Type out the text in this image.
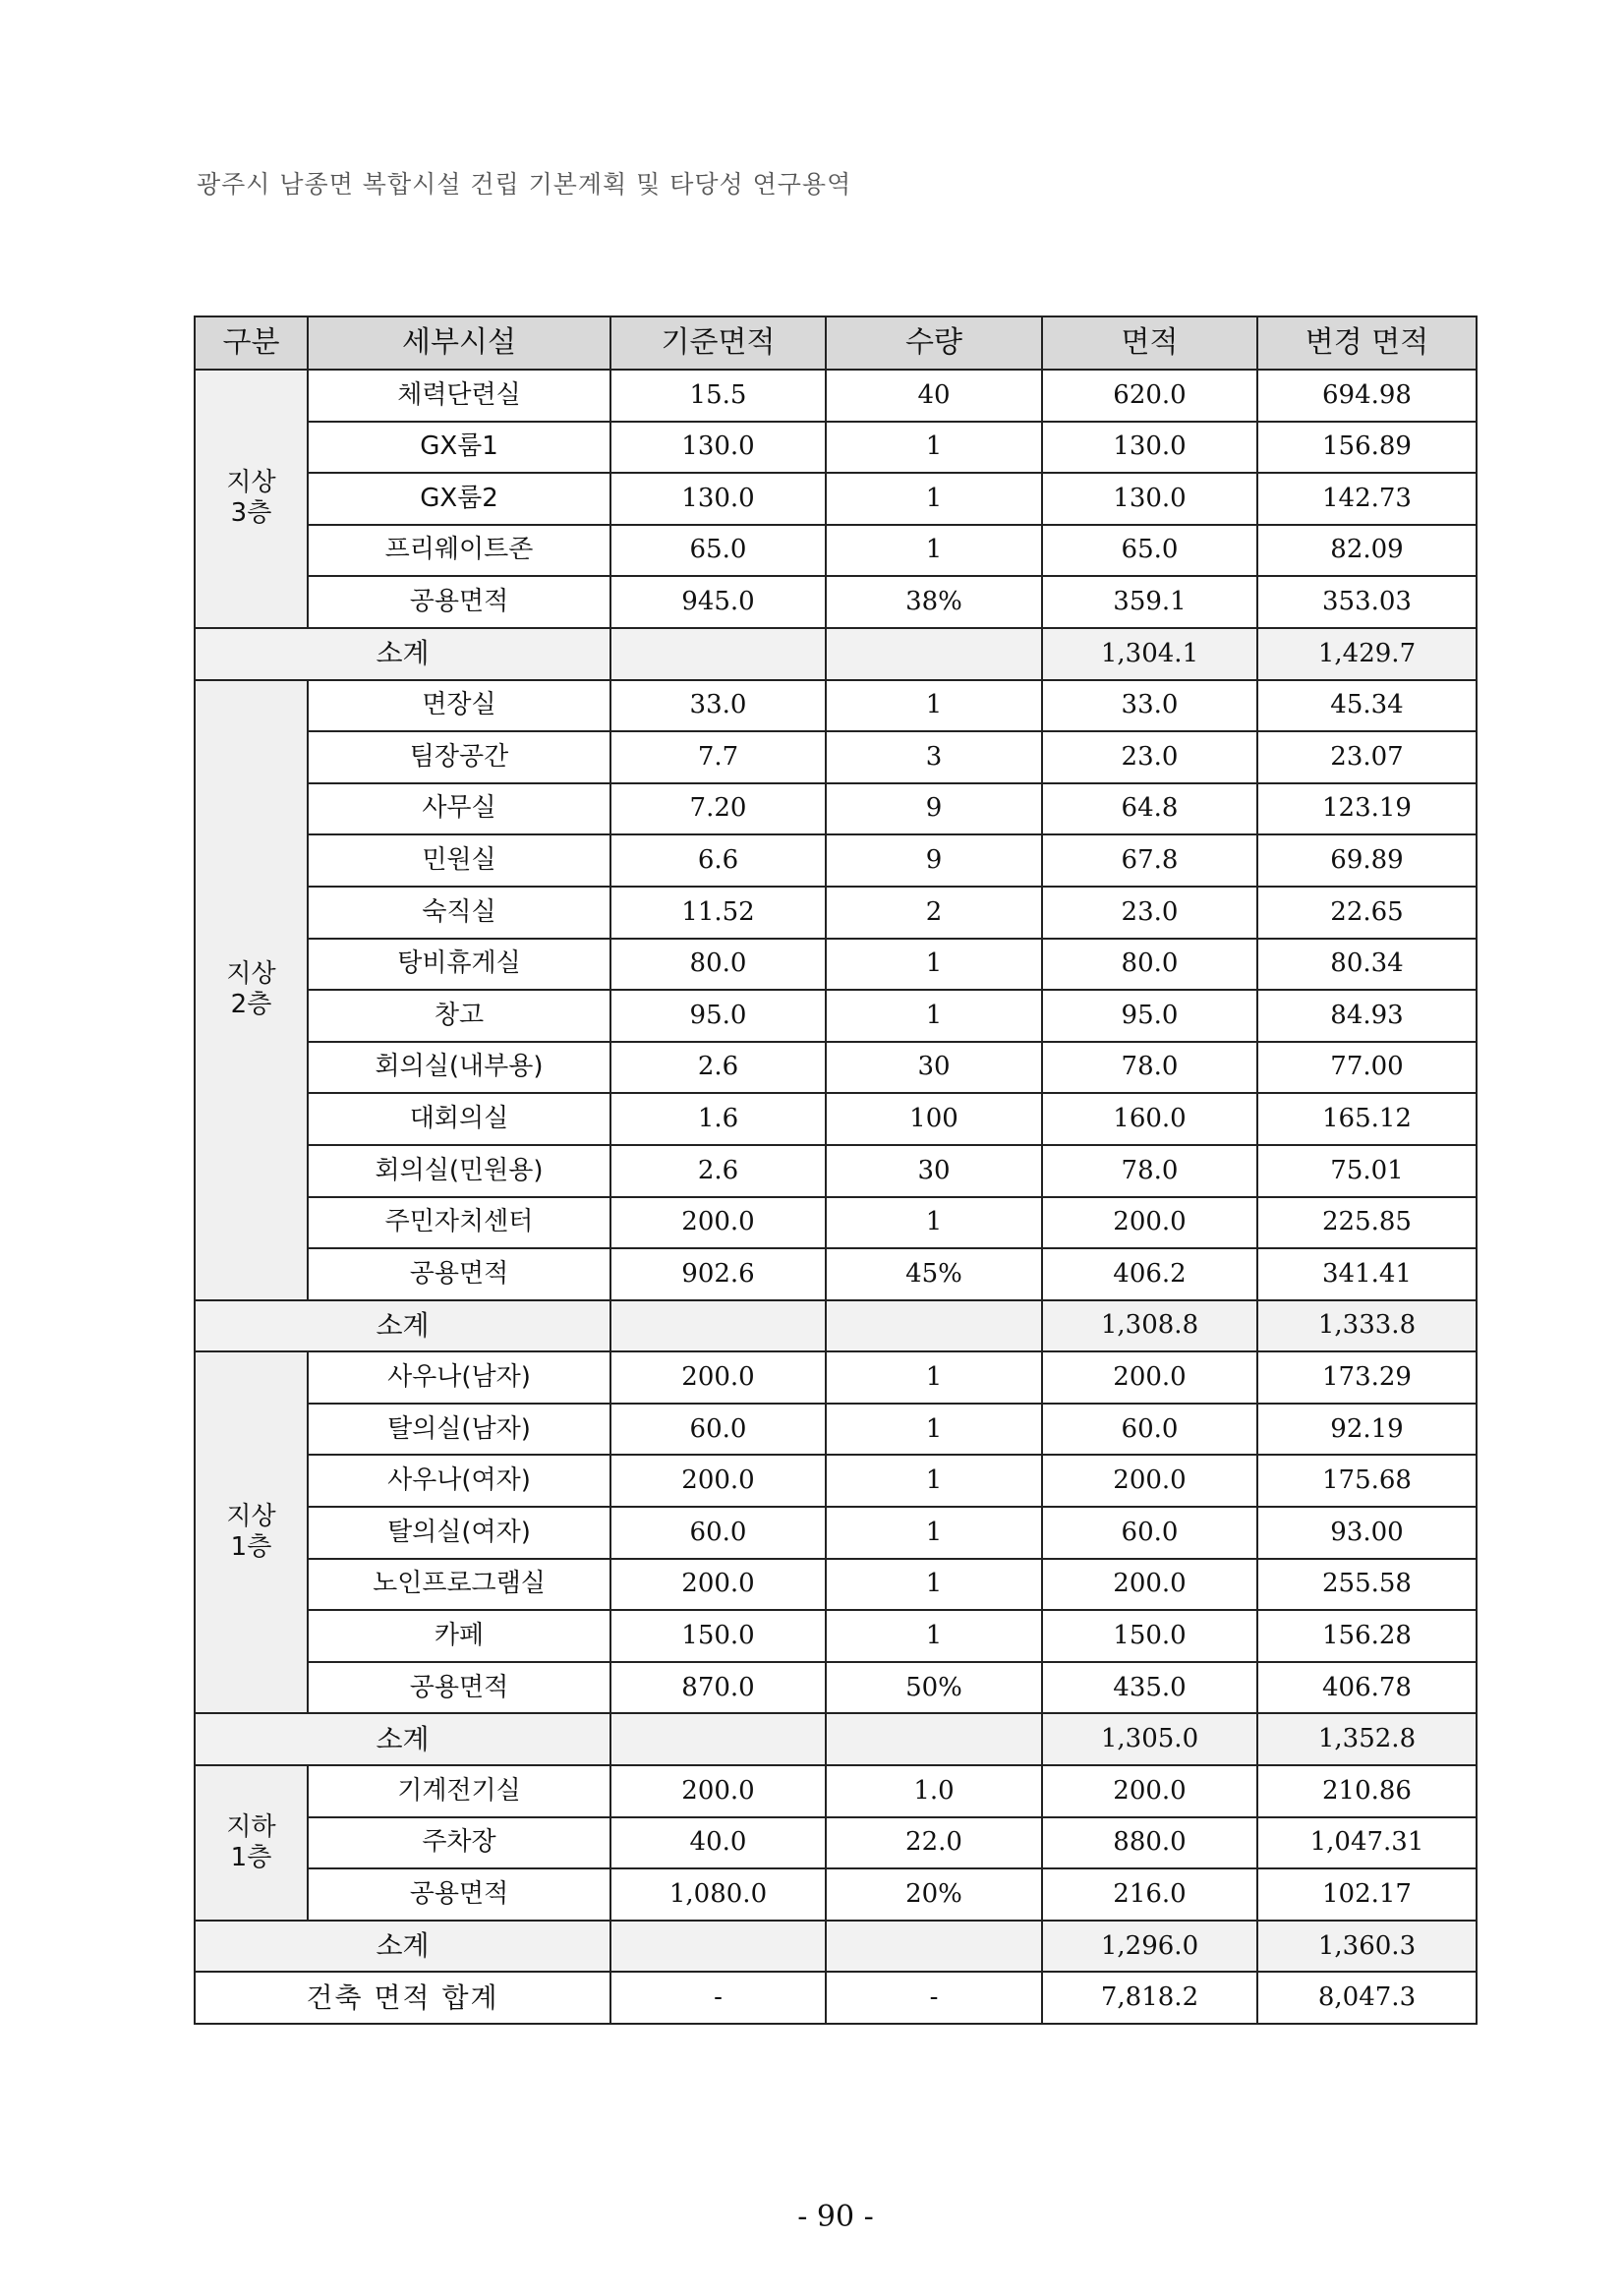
광주시 남종면 복합시설 건립 기본계획 및 타당성 연구용역
구분	세부시설	기준면적	수량	면적	변경 면적

지상
3층	체력단련실	15.5	40	620.0	694.98
	GX룸1	130.0	1	130.0	156.89
	GX룸2	130.0	1	130.0	142.73
	프리웨이트존	65.0	1	65.0	82.09
	공용면적	945.0	38%	359.1	353.03
소계				1,304.1	1,429.7

지상
2층	면장실	33.0	1	33.0	45.34
	팀장공간	7.7	3	23.0	23.07
	사무실	7.20	9	64.8	123.19
	민원실	6.6	9	67.8	69.89
	숙직실	11.52	2	23.0	22.65
	탕비휴게실	80.0	1	80.0	80.34
	창고	95.0	1	95.0	84.93
	회의실(내부용)	2.6	30	78.0	77.00
	대회의실	1.6	100	160.0	165.12
	회의실(민원용)	2.6	30	78.0	75.01
	주민자치센터	200.0	1	200.0	225.85
	공용면적	902.6	45%	406.2	341.41
소계				1,308.8	1,333.8

지상
1층	사우나(남자)	200.0	1	200.0	173.29
	탈의실(남자)	60.0	1	60.0	92.19
	사우나(여자)	200.0	1	200.0	175.68
	탈의실(여자)	60.0	1	60.0	93.00
	노인프로그램실	200.0	1	200.0	255.58
	카페	150.0	1	150.0	156.28
	공용면적	870.0	50%	435.0	406.78
소계				1,305.0	1,352.8

지하
1층	기계전기실	200.0	1.0	200.0	210.86
	주차장	40.0	22.0	880.0	1,047.31
	공용면적	1,080.0	20%	216.0	102.17
소계				1,296.0	1,360.3
건축 면적 합계		-	-	7,818.2	8,047.3
- 90 -
